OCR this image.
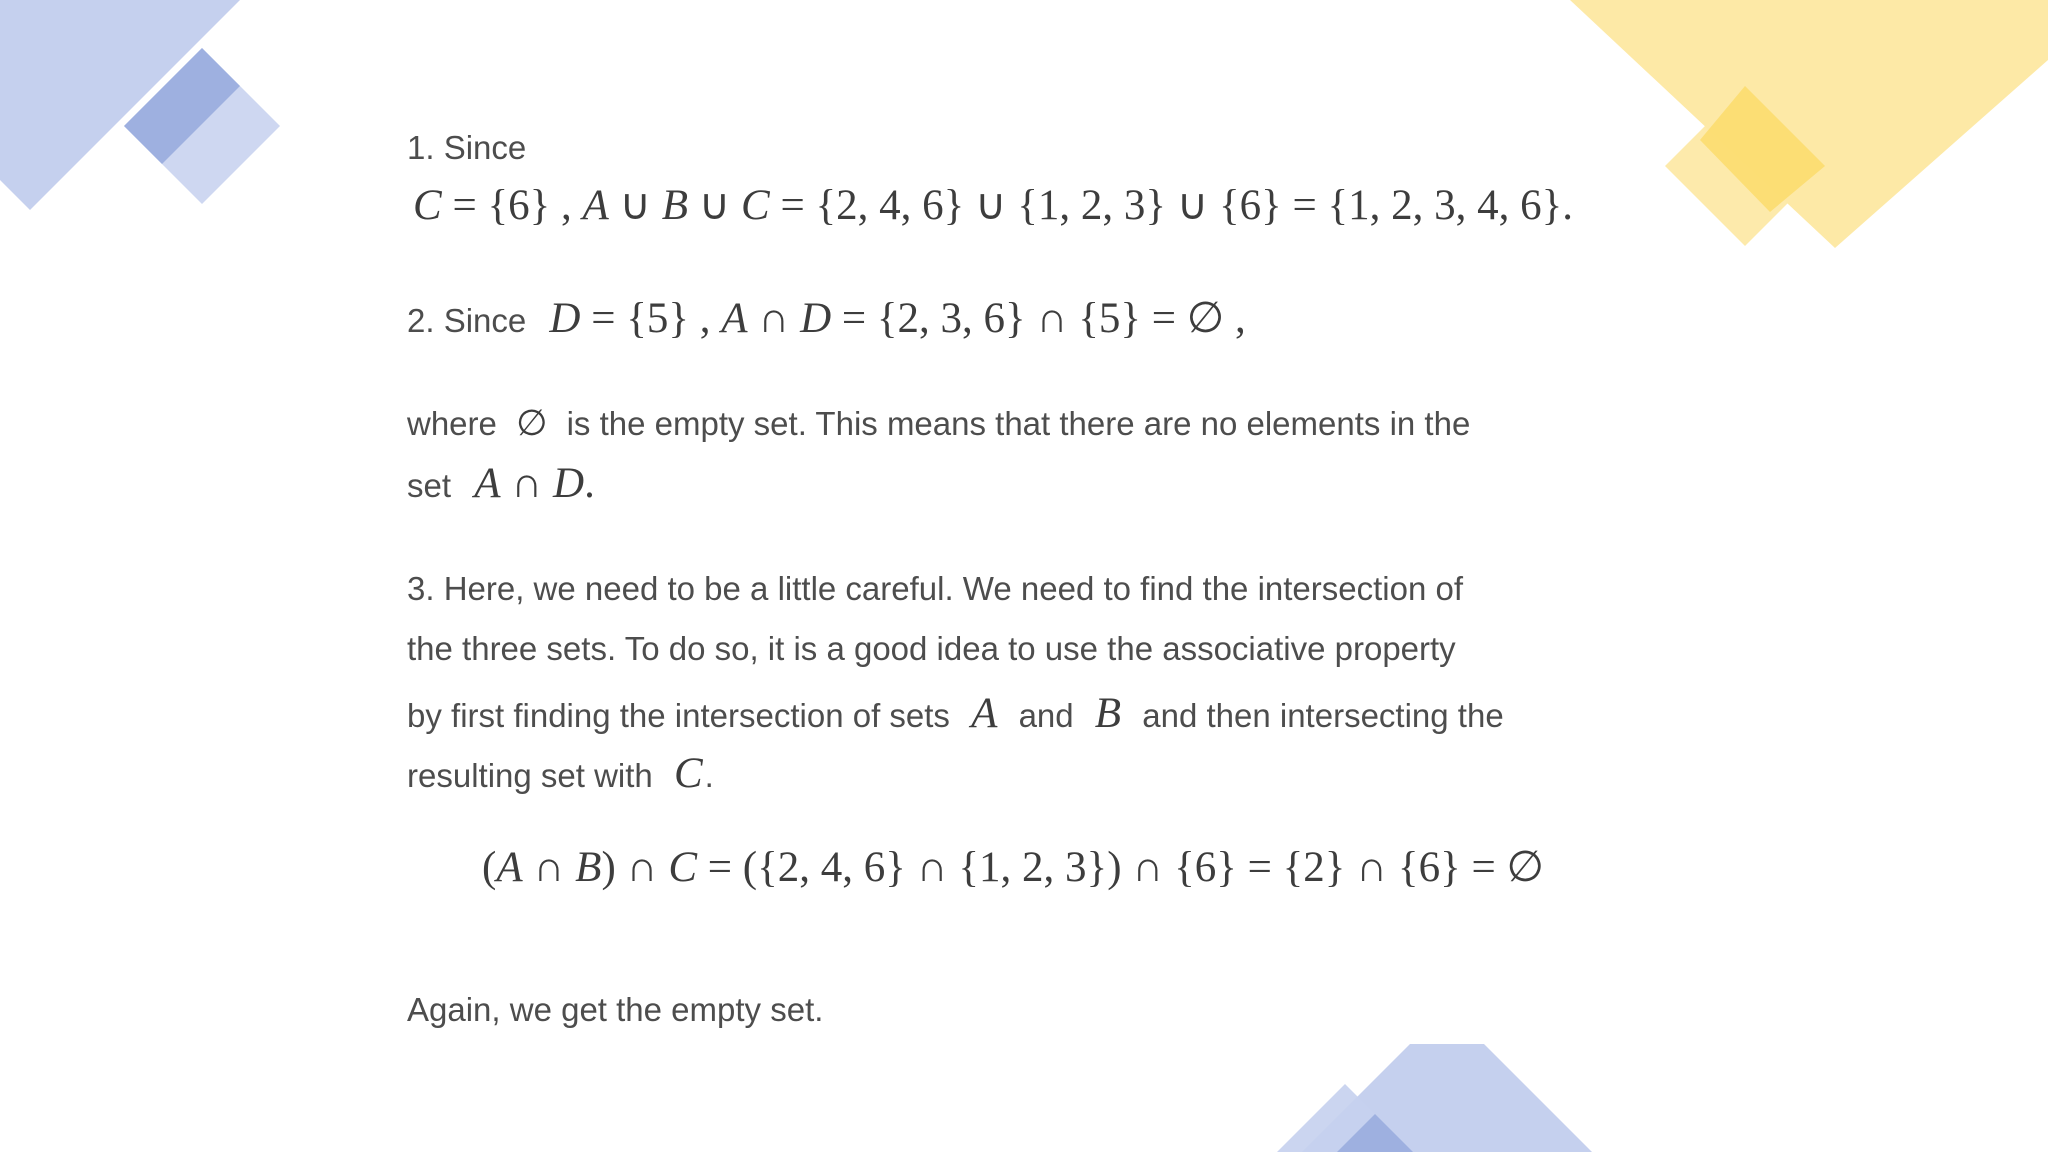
1. Since
C = {6} , A ∪ B ∪ C = {2, 4, 6} ∪ {1, 2, 3} ∪ {6} = {1, 2, 3, 4, 6}.
2. Since D = {5} , A ∩ D = {2, 3, 6} ∩ {5} = ∅ ,
where ∅ is the empty set. This means that there are no elements in the
set A ∩ D.
3. Here, we need to be a little careful. We need to find the intersection of
the three sets. To do so, it is a good idea to use the associative property
by first finding the intersection of sets A and B and then intersecting the
resulting set with C.
(A ∩ B) ∩ C = ({2, 4, 6} ∩ {1, 2, 3}) ∩ {6} = {2} ∩ {6} = ∅
Again, we get the empty set.
